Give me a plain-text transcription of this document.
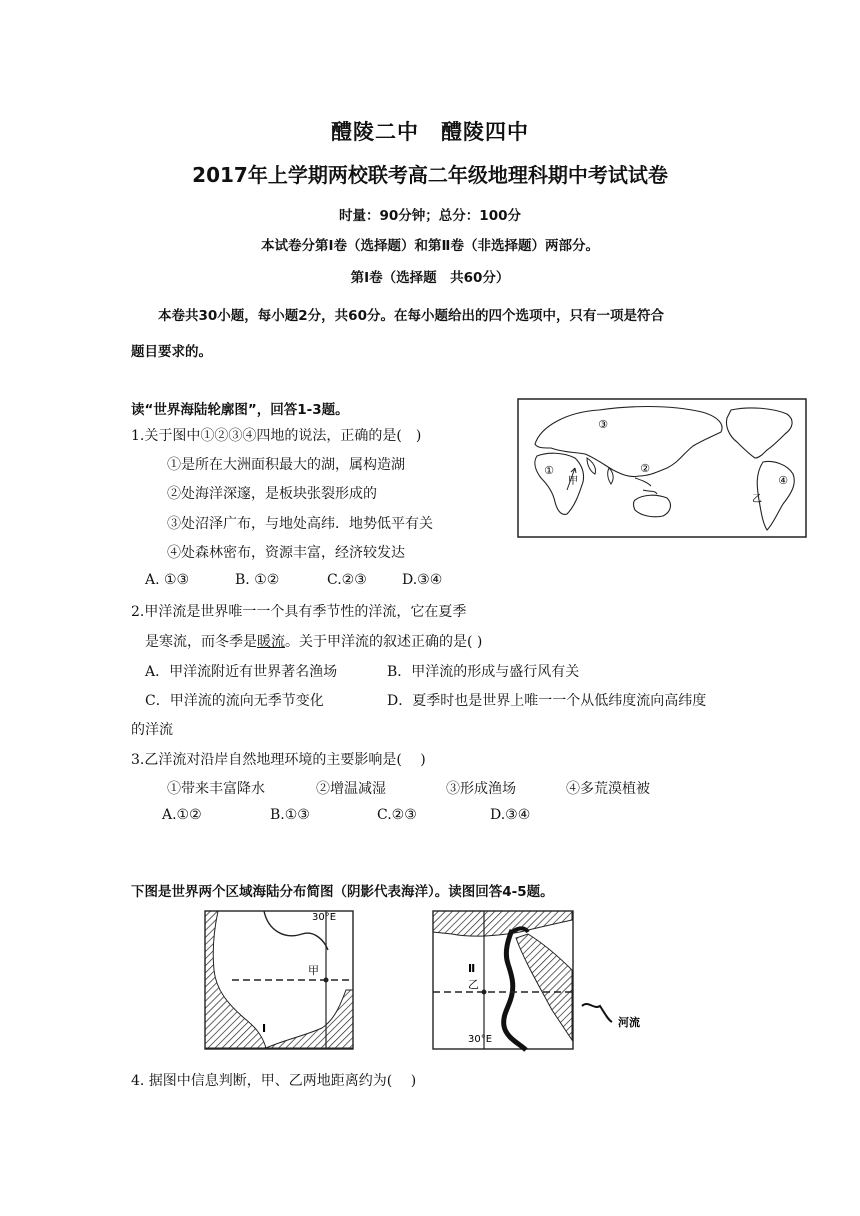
醴陵二中　醴陵四中
2017年上学期两校联考高二年级地理科期中考试试卷
时量：90分钟；总分：100分
本试卷分第Ⅰ卷（选择题）和第Ⅱ卷（非选择题）两部分。
第Ⅰ卷（选择题　共60分）
本卷共30小题，每小题2分，共60分。在每小题给出的四个选项中，只有一项是符合
题目要求的。
读“世界海陆轮廓图”，回答1-3题。
1.关于图中①②③④四地的说法，正确的是(　)
①是所在大洲面积最大的湖，属构造湖
②处海洋深邃，是板块张裂形成的
③处沼泽广布，与地处高纬．地势低平有关
④处森林密布，资源丰富，经济较发达
A. ①③	B. ①②	C.②③	D.③④
2.甲洋流是世界唯一一个具有季节性的洋流，它在夏季
是寒流，而冬季是暖流。关于甲洋流的叙述正确的是( )
A．甲洋流附近有世界著名渔场	B．甲洋流的形成与盛行风有关
C．甲洋流的流向无季节变化	D．夏季时也是世界上唯一一个从低纬度流向高纬度
的洋流
3.乙洋流对沿岸自然地理环境的主要影响是(　 )
①带来丰富降水	②增温减湿	③形成渔场	④多荒漠植被
A.①②	B.①③	C.②③	D.③④
③
①	②
④
甲
乙
下图是世界两个区域海陆分布简图（阴影代表海洋）。读图回答4-5题。
30°E
甲
Ⅰ
30°E
乙
Ⅱ
河流
4. 据图中信息判断，甲、乙两地距离约为(　 )
